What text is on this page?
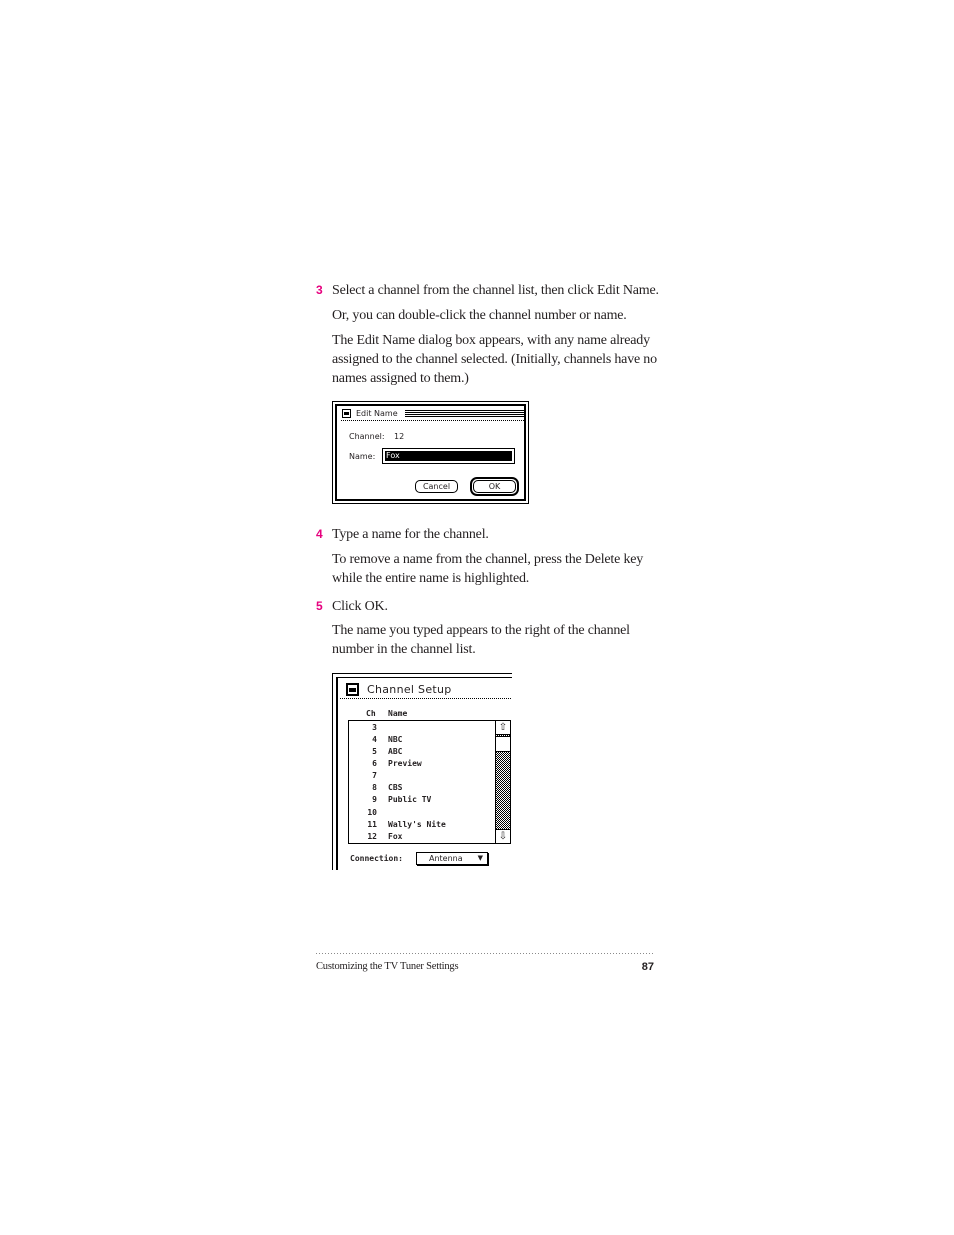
3 Select a channel from the channel list, then click Edit Name.
Or, you can double-click the channel number or name.
The Edit Name dialog box appears, with any name already assigned to the channel selected. (Initially, channels have no names assigned to them.)
Edit Name
Channel: 12
Name: Fox
Cancel	OK
4 Type a name for the channel.
To remove a name from the channel, press the Delete key while the entire name is highlighted.
5 Click OK.
The name you typed appears to the right of the channel number in the channel list.
Channel Setup
Ch Name
3
4 NBC
5 ABC
6 Preview
7
8 CBS
9 Public TV
10
11 Wally's Nite
12 Fox
⇧
⇩
Connection:	Antenna ▼
Customizing the TV Tuner Settings	87
